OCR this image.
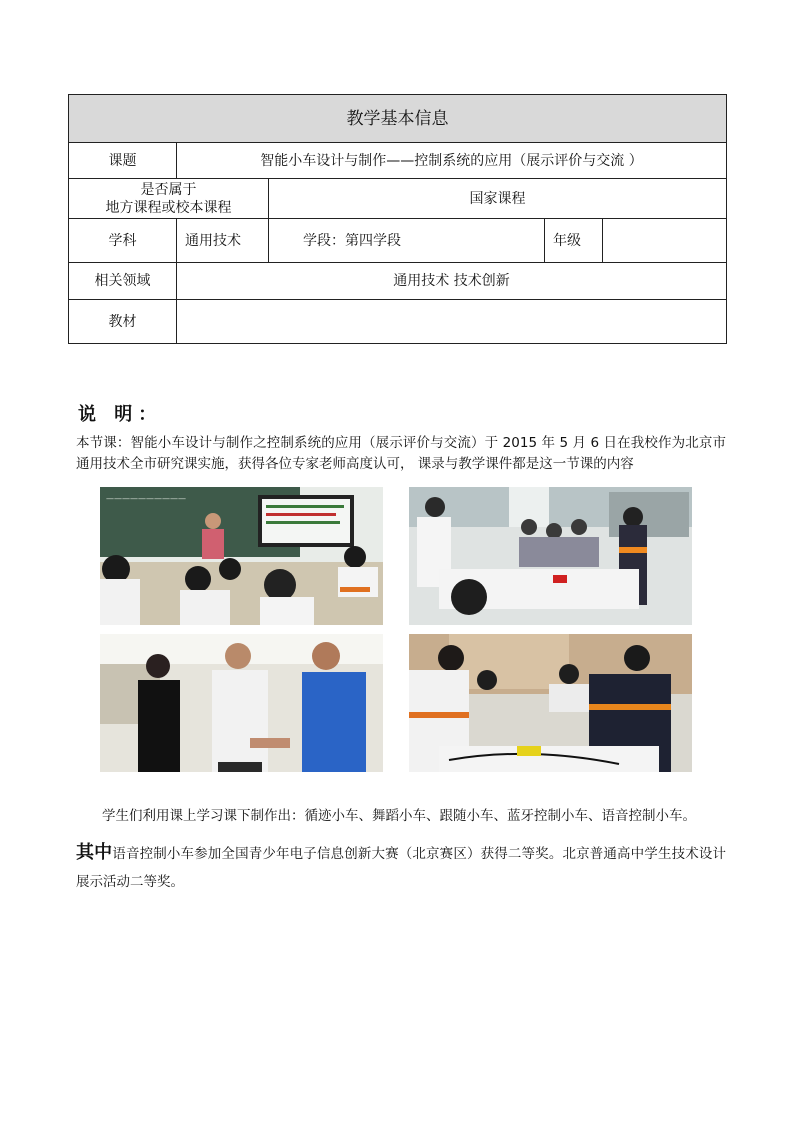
教学基本信息				
课题	智能小车设计与制作——控制系统的应用（展示评价与交流 ）			

是否属于
地方课程或校本课程		国家课程		
学科	通用技术	学段：第四学段	年级	
相关领域	通用技术 技术创新			
教材				
说 明：
本节课：智能小车设计与制作之控制系统的应用（展示评价与交流）于 2015 年 5 月 6 日在我校作为北京市通用技术全市研究课实施，获得各位专家老师高度认可， 课录与教学课件都是这一节课的内容
——————————
学生们利用课上学习课下制作出：循迹小车、舞蹈小车、跟随小车、蓝牙控制小车、语音控制小车。
其中语音控制小车参加全国青少年电子信息创新大赛（北京赛区）获得二等奖。北京普通高中学生技术设计展示活动二等奖。
